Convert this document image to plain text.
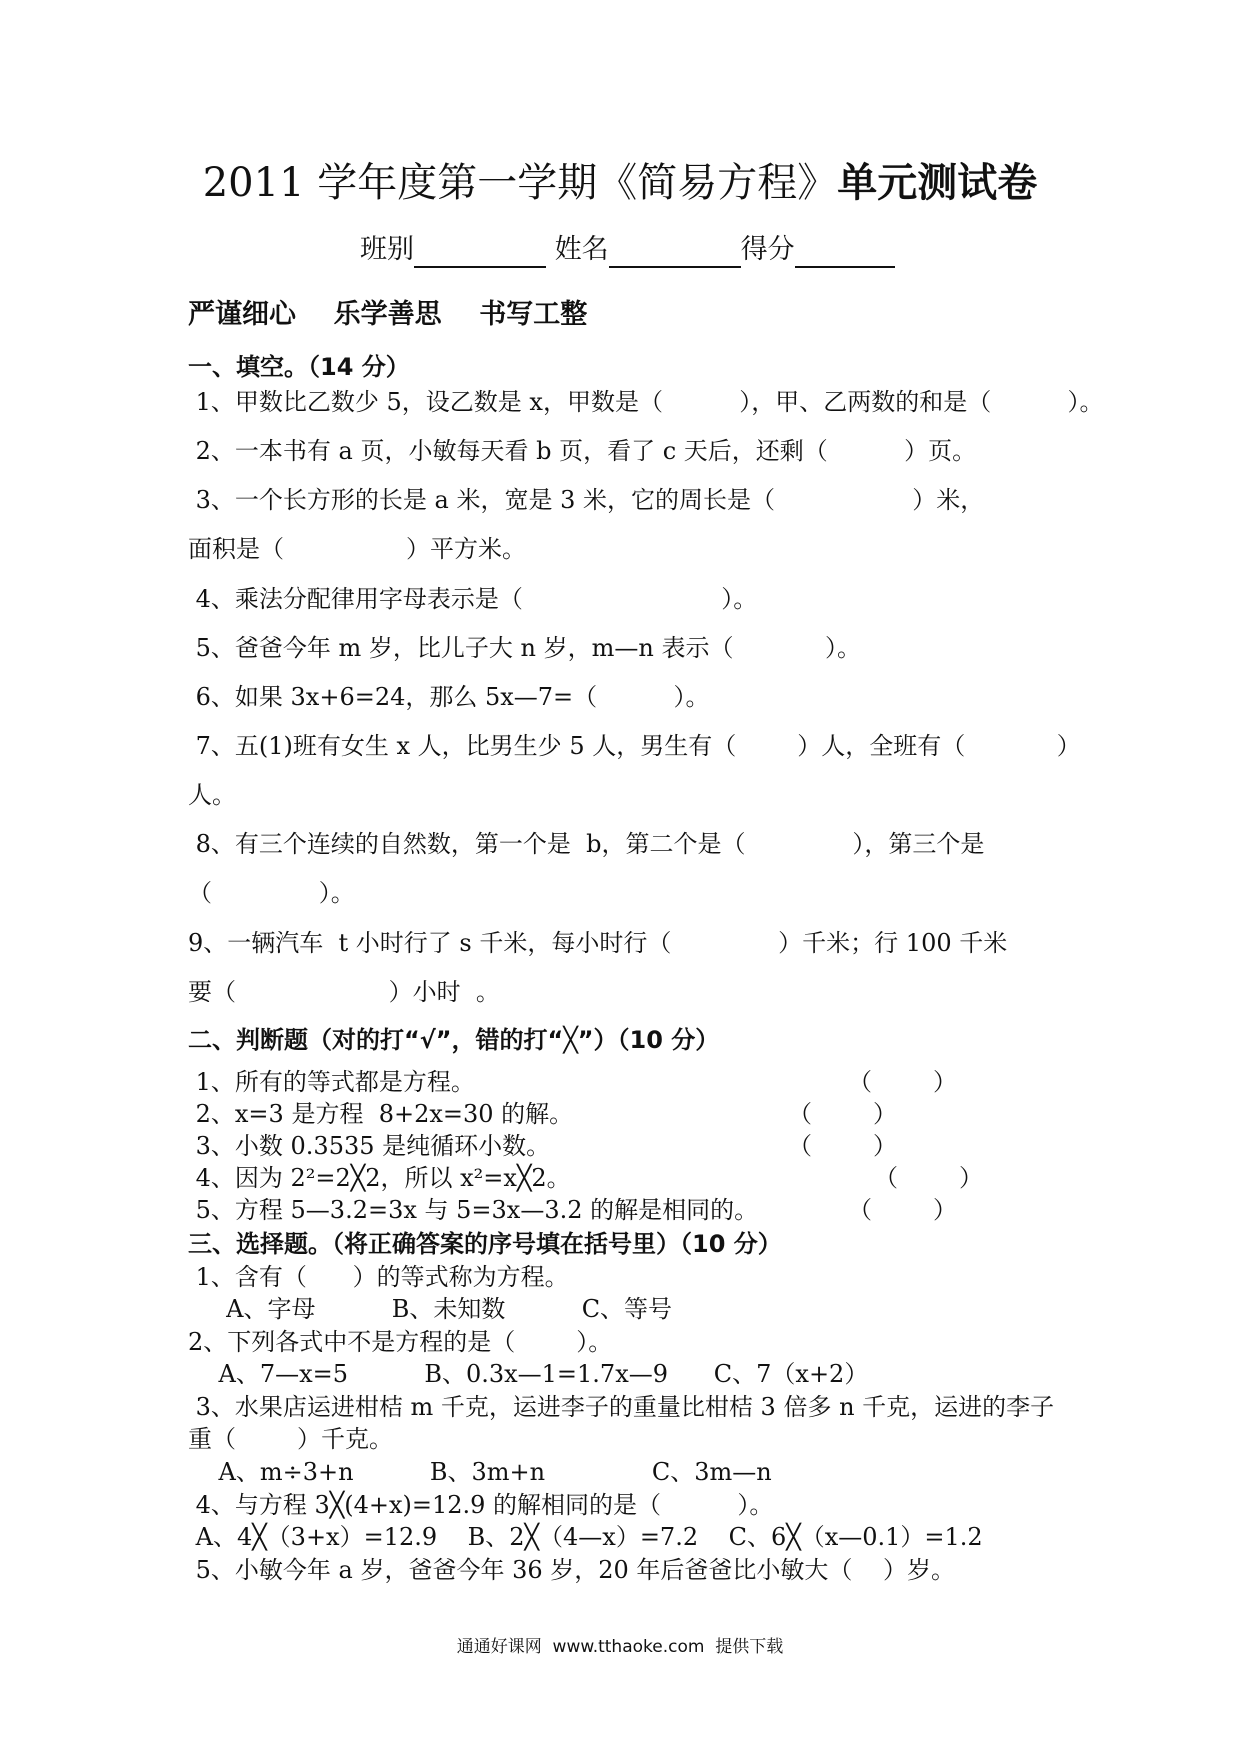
2011 学年度第一学期《简易方程》单元测试卷
班别	姓名	得分
严谨细心    乐学善思    书写工整
一、填空。（14 分）
1、甲数比乙数少 5，设乙数是 x，甲数是（          ），甲、乙两数的和是（          ）。
2、一本书有 a 页，小敏每天看 b 页，看了 c 天后，还剩（          ）页。
3、一个长方形的长是 a 米，宽是 3 米，它的周长是（                  ）米，
面积是（                ）平方米。
4、乘法分配律用字母表示是（                          ）。
5、爸爸今年 m 岁，比儿子大 n 岁，m—n 表示（            ）。
6、如果 3x+6=24，那么 5x—7=（          ）。
7、五(1)班有女生 x 人，比男生少 5 人，男生有（        ）人，全班有（            ）
人。
8、有三个连续的自然数，第一个是  b，第二个是（              ），第三个是
（              ）。
9、一辆汽车  t 小时行了 s 千米，每小时行（              ）千米；行 100 千米
要（                    ）小时  。
二、判断题（对的打“√”，错的打“╳”）（10 分）
1、所有的等式都是方程。	（        ）
2、x=3 是方程  8+2x=30 的解。	（        ）
3、小数 0.3535 是纯循环小数。	（        ）
4、因为 2²=2╳2，所以 x²=x╳2。	（        ）
5、方程 5—3.2=3x 与 5=3x—3.2 的解是相同的。	（        ）
三、选择题。（将正确答案的序号填在括号里）（10 分）
1、含有（      ）的等式称为方程。
A、字母          B、未知数          C、等号
2、下列各式中不是方程的是（        ）。
A、7—x=5          B、0.3x—1=1.7x—9      C、7（x+2）
3、水果店运进柑桔 m 千克，运进李子的重量比柑桔 3 倍多 n 千克，运进的李子
重（        ）千克。
A、m÷3+n          B、3m+n              C、3m—n
4、与方程 3╳(4+x)=12.9 的解相同的是（          ）。
A、4╳（3+x）=12.9    B、2╳（4—x）=7.2    C、6╳（x—0.1）=1.2
5、小敏今年 a 岁，爸爸今年 36 岁，20 年后爸爸比小敏大（    ）岁。
通通好课网  www.tthaoke.com  提供下载
